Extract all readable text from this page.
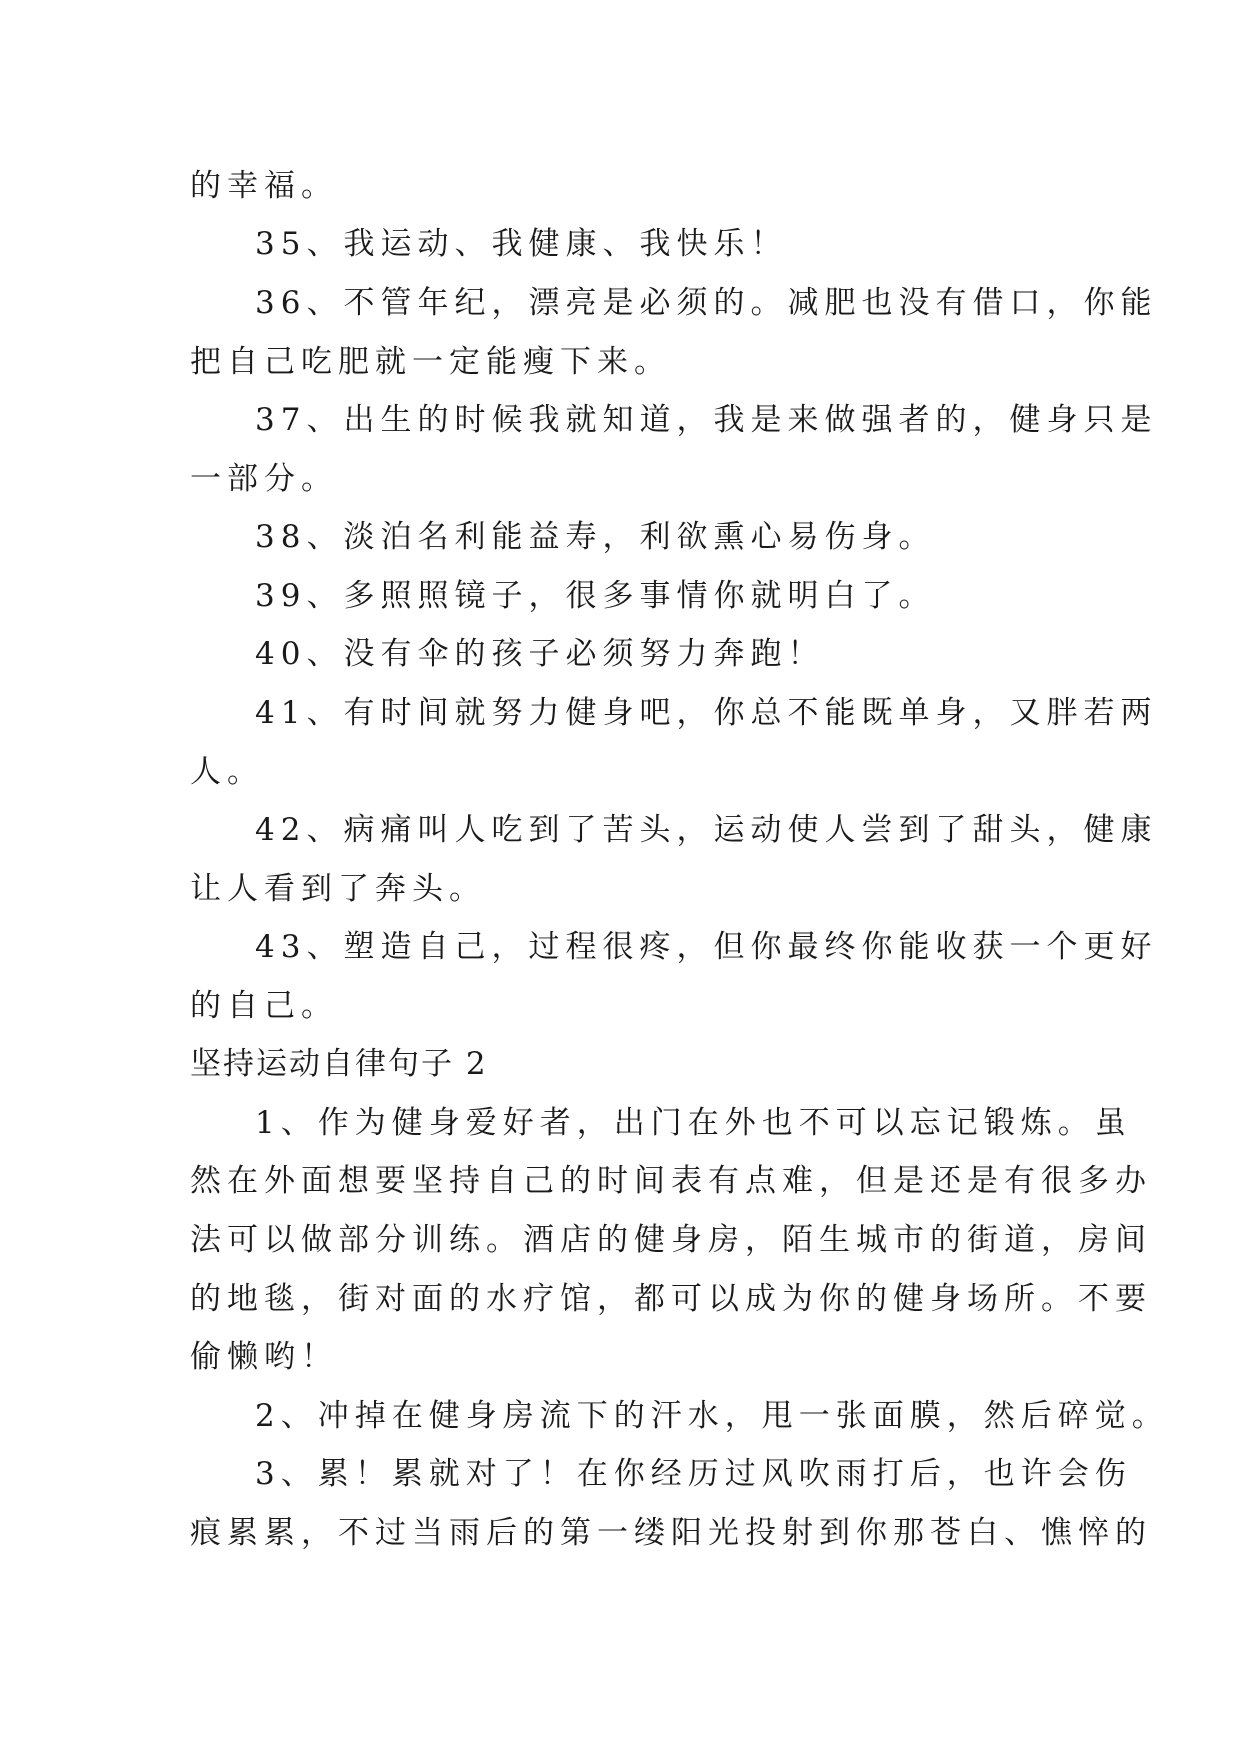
的幸福。
35、我运动、我健康、我快乐！
36、不管年纪，漂亮是必须的。减肥也没有借口，你能
把自己吃肥就一定能瘦下来。
37、出生的时候我就知道，我是来做强者的，健身只是
一部分。
38、淡泊名利能益寿，利欲熏心易伤身。
39、多照照镜子，很多事情你就明白了。
40、没有伞的孩子必须努力奔跑！
41、有时间就努力健身吧，你总不能既单身，又胖若两
人。
42、病痛叫人吃到了苦头，运动使人尝到了甜头，健康
让人看到了奔头。
43、塑造自己，过程很疼，但你最终你能收获一个更好
的自己。
坚持运动自律句子 2
1、作为健身爱好者，出门在外也不可以忘记锻炼。虽
然在外面想要坚持自己的时间表有点难，但是还是有很多办
法可以做部分训练。酒店的健身房，陌生城市的街道，房间
的地毯，街对面的水疗馆，都可以成为你的健身场所。不要
偷懒哟！
2、冲掉在健身房流下的汗水，甩一张面膜，然后碎觉。
3、累！累就对了！在你经历过风吹雨打后，也许会伤
痕累累，不过当雨后的第一缕阳光投射到你那苍白、憔悴的
